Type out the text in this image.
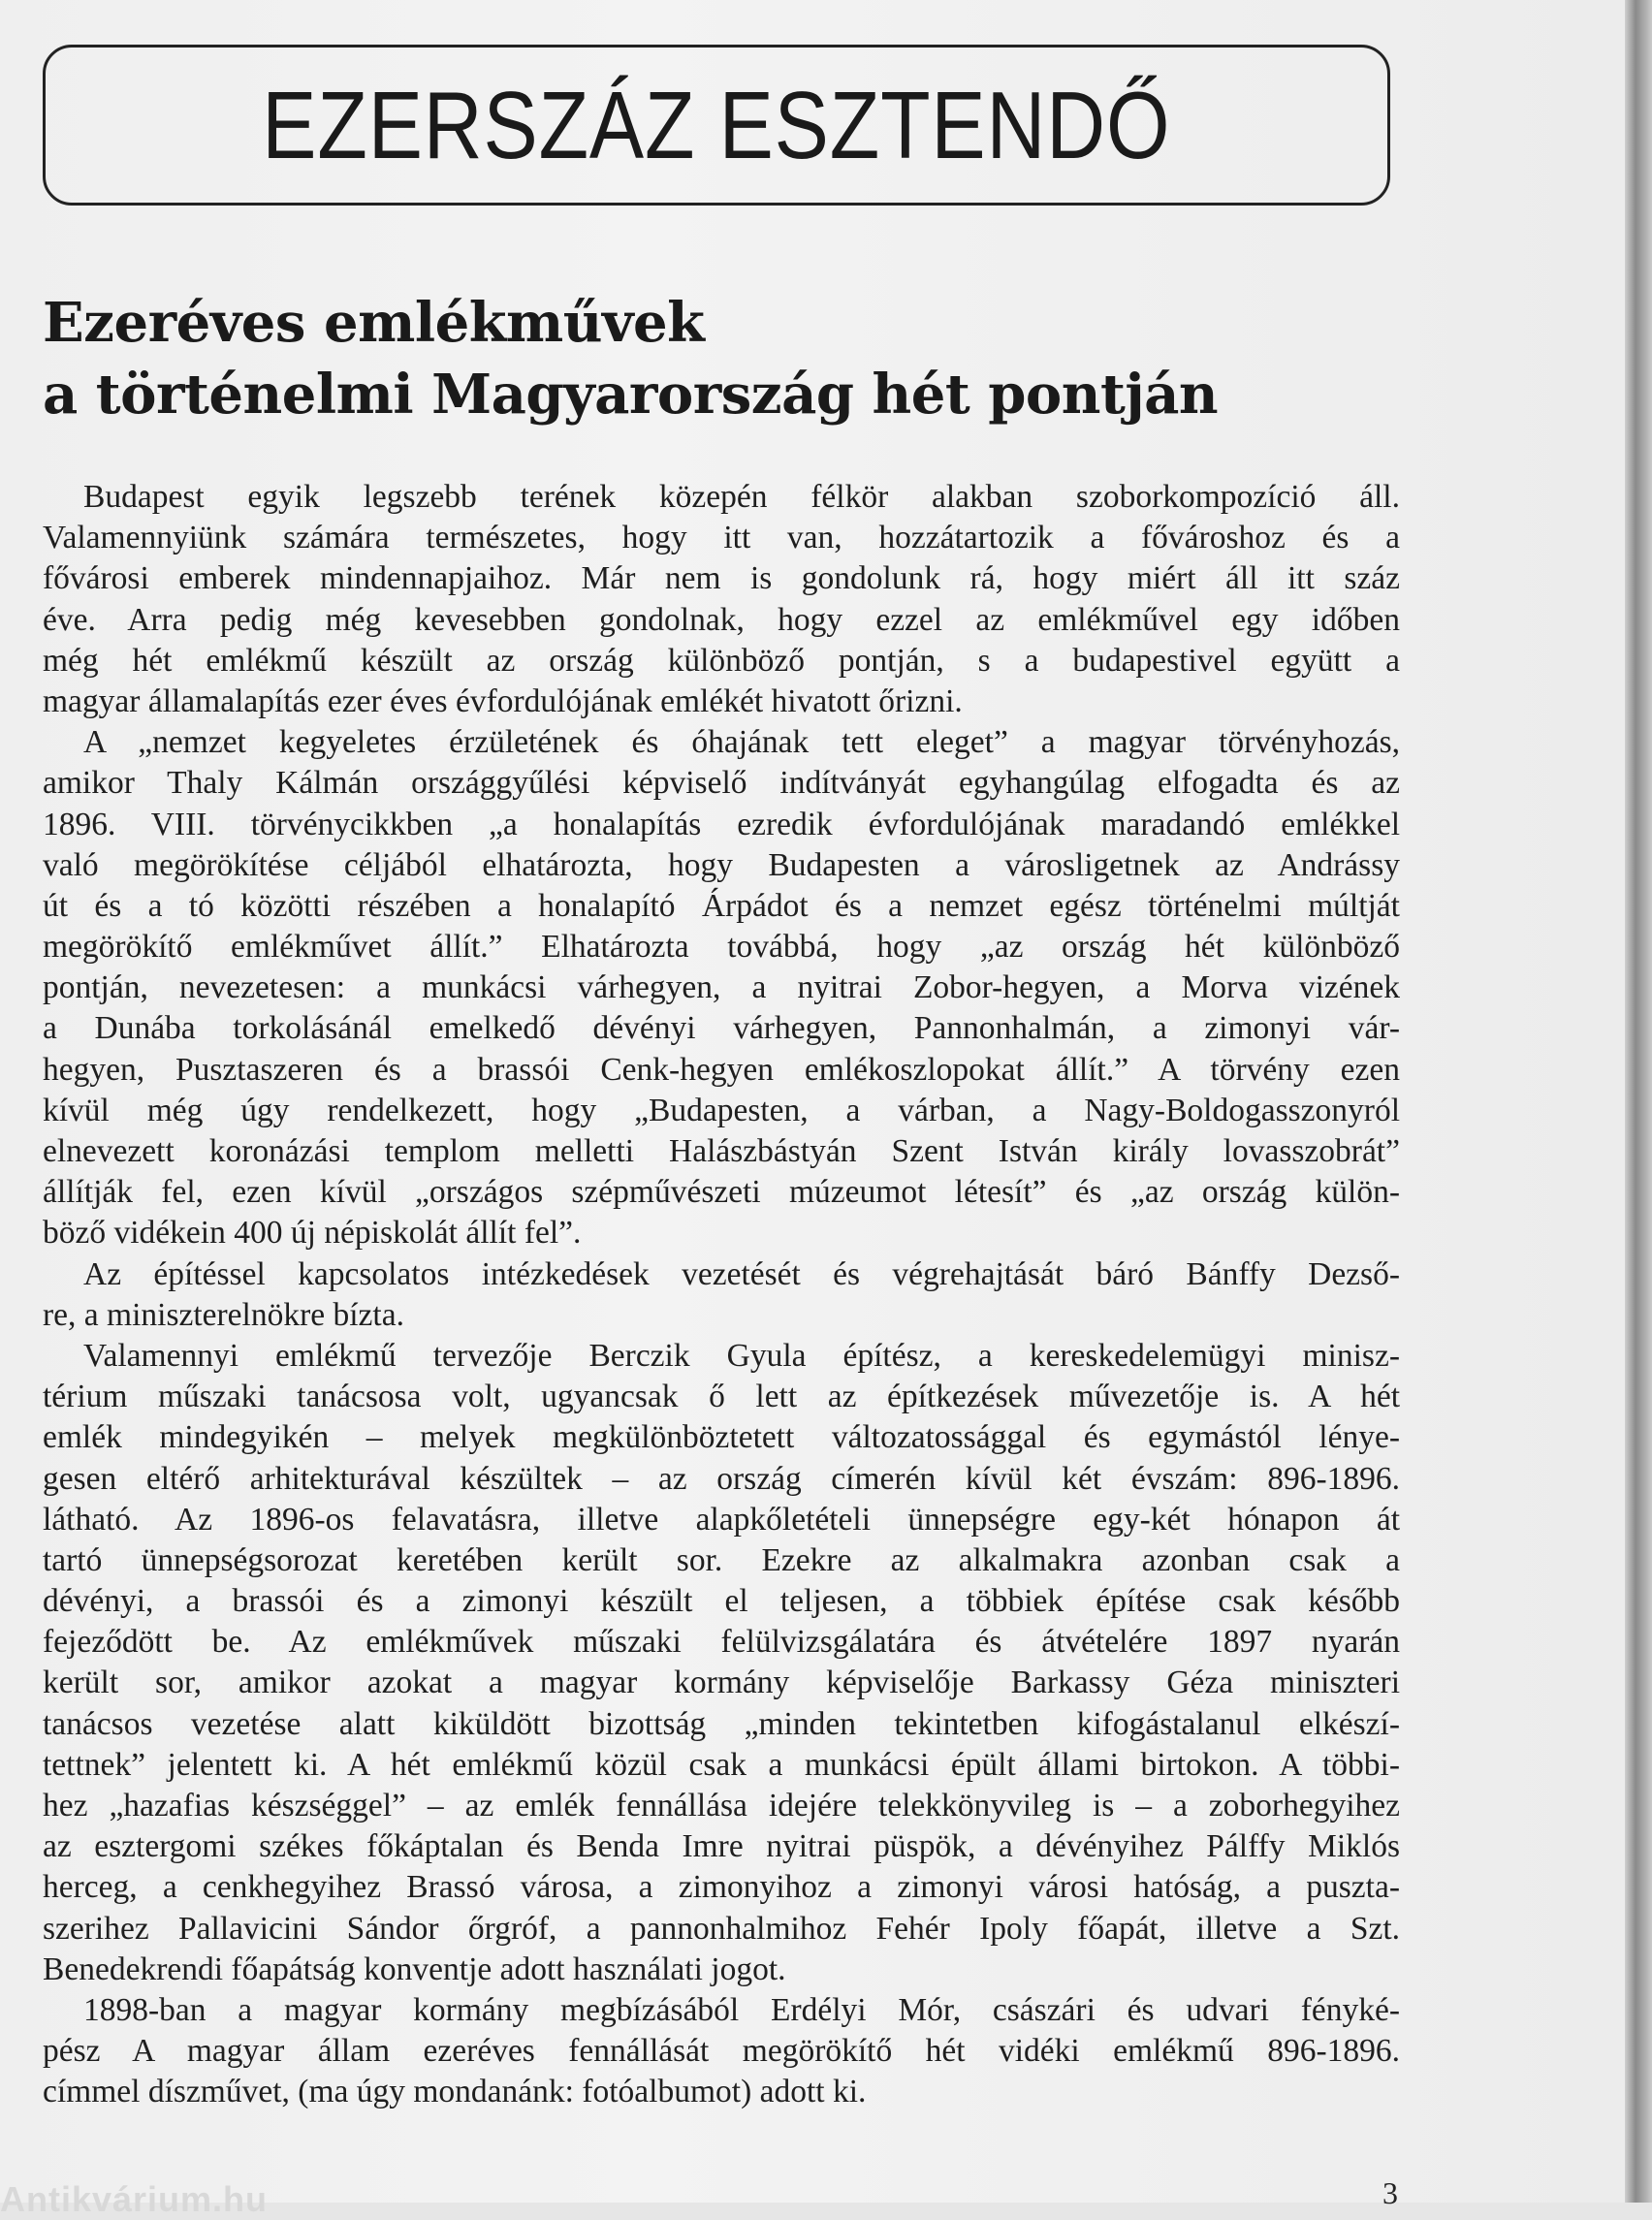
EZERSZÁZ ESZTENDŐ
Ezeréves emlékművek
a történelmi Magyarország hét pontján
Budapest egyik legszebb terének közepén félkör alakban szoborkompozíció áll.
Valamennyiünk számára természetes, hogy itt van, hozzátartozik a fővároshoz és a
fővárosi emberek mindennapjaihoz. Már nem is gondolunk rá, hogy miért áll itt száz
éve. Arra pedig még kevesebben gondolnak, hogy ezzel az emlékművel egy időben
még hét emlékmű készült az ország különböző pontján, s a budapestivel együtt a
magyar államalapítás ezer éves évfordulójának emlékét hivatott őrizni.
A „nemzet kegyeletes érzületének és óhajának tett eleget” a magyar törvényhozás,
amikor Thaly Kálmán országgyűlési képviselő indítványát egyhangúlag elfogadta és az
1896. VIII. törvénycikkben „a honalapítás ezredik évfordulójának maradandó emlékkel
való megörökítése céljából elhatározta, hogy Budapesten a városligetnek az Andrássy
út és a tó közötti részében a honalapító Árpádot és a nemzet egész történelmi múltját
megörökítő emlékművet állít.” Elhatározta továbbá, hogy „az ország hét különböző
pontján, nevezetesen: a munkácsi várhegyen, a nyitrai Zobor-hegyen, a Morva vizének
a Dunába torkolásánál emelkedő dévényi várhegyen, Pannonhalmán, a zimonyi vár-
hegyen, Pusztaszeren és a brassói Cenk-hegyen emlékoszlopokat állít.” A törvény ezen
kívül még úgy rendelkezett, hogy „Budapesten, a várban, a Nagy-Boldogasszonyról
elnevezett koronázási templom melletti Halászbástyán Szent István király lovasszobrát”
állítják fel, ezen kívül „országos szépművészeti múzeumot létesít” és „az ország külön-
böző vidékein 400 új népiskolát állít fel”.
Az építéssel kapcsolatos intézkedések vezetését és végrehajtását báró Bánffy Dezső-
re, a miniszterelnökre bízta.
Valamennyi emlékmű tervezője Berczik Gyula építész, a kereskedelemügyi minisz-
térium műszaki tanácsosa volt, ugyancsak ő lett az építkezések művezetője is. A hét
emlék mindegyikén – melyek megkülönböztetett változatossággal és egymástól lénye-
gesen eltérő arhitekturával készültek – az ország címerén kívül két évszám: 896-1896.
látható. Az 1896-os felavatásra, illetve alapkőletételi ünnepségre egy-két hónapon át
tartó ünnepségsorozat keretében került sor. Ezekre az alkalmakra azonban csak a
dévényi, a brassói és a zimonyi készült el teljesen, a többiek építése csak később
fejeződött be. Az emlékművek műszaki felülvizsgálatára és átvételére 1897 nyarán
került sor, amikor azokat a magyar kormány képviselője Barkassy Géza miniszteri
tanácsos vezetése alatt kiküldött bizottság „minden tekintetben kifogástalanul elkészí-
tettnek” jelentett ki. A hét emlékmű közül csak a munkácsi épült állami birtokon. A többi-
hez „hazafias készséggel” – az emlék fennállása idejére telekkönyvileg is – a zoborhegyihez
az esztergomi székes főkáptalan és Benda Imre nyitrai püspök, a dévényihez Pálffy Miklós
herceg, a cenkhegyihez Brassó városa, a zimonyihoz a zimonyi városi hatóság, a puszta-
szerihez Pallavicini Sándor őrgróf, a pannonhalmihoz Fehér Ipoly főapát, illetve a Szt.
Benedekrendi főapátság konventje adott használati jogot.
1898-ban a magyar kormány megbízásából Erdélyi Mór, császári és udvari fényké-
pész A magyar állam ezeréves fennállását megörökítő hét vidéki emlékmű 896-1896.
címmel díszművet, (ma úgy mondanánk: fotóalbumot) adott ki.
Antikvárium.hu	3
